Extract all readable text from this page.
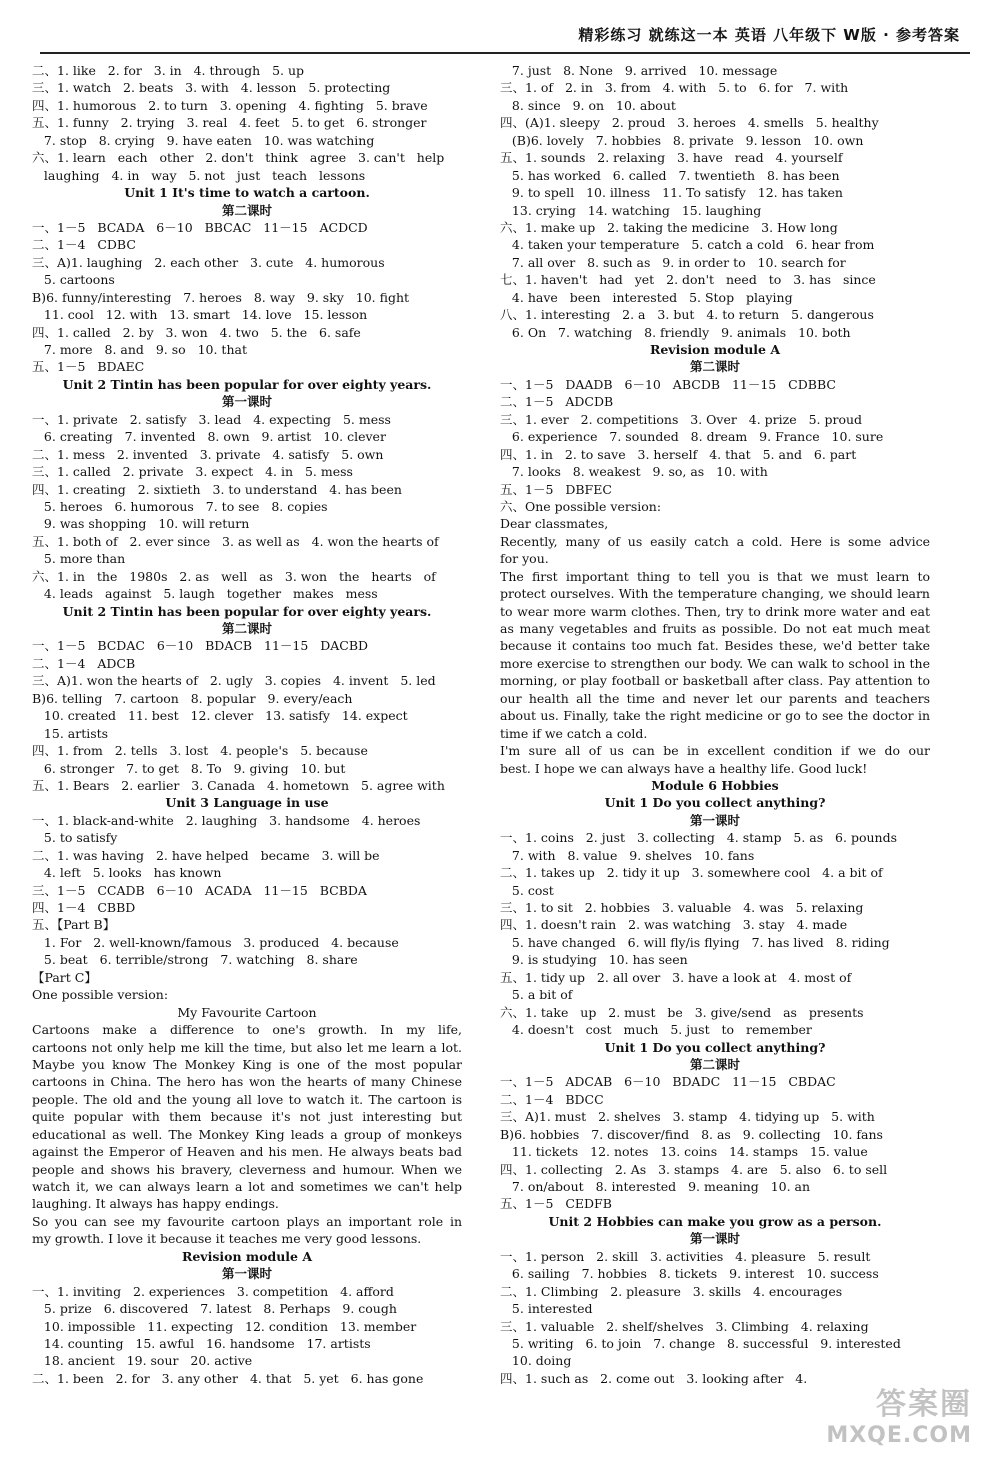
精彩练习 就练这一本 英语 八年级下 W版 · 参考答案
二、1. like   2. for   3. in   4. through   5. up
三、1. watch   2. beats   3. with   4. lesson   5. protecting
四、1. humorous   2. to turn   3. opening   4. fighting   5. brave
五、1. funny   2. trying   3. real   4. feet   5. to get   6. stronger
7. stop   8. crying   9. have eaten   10. was watching
六、1. learn   each   other   2. don't   think   agree   3. can't   help
laughing   4. in   way   5. not   just   teach   lessons
Unit 1 It's time to watch a cartoon.
第二课时
一、1－5   BCADA   6－10   BBCAC   11－15   ACDCD
二、1－4   CDBC
三、A)1. laughing   2. each other   3. cute   4. humorous
5. cartoons
B)6. funny/interesting   7. heroes   8. way   9. sky   10. fight
11. cool   12. with   13. smart   14. love   15. lesson
四、1. called   2. by   3. won   4. two   5. the   6. safe
7. more   8. and   9. so   10. that
五、1－5   BDAEC
Unit 2 Tintin has been popular for over eighty years.
第一课时
一、1. private   2. satisfy   3. lead   4. expecting   5. mess
6. creating   7. invented   8. own   9. artist   10. clever
二、1. mess   2. invented   3. private   4. satisfy   5. own
三、1. called   2. private   3. expect   4. in   5. mess
四、1. creating   2. sixtieth   3. to understand   4. has been
5. heroes   6. humorous   7. to see   8. copies
9. was shopping   10. will return
五、1. both of   2. ever since   3. as well as   4. won the hearts of
5. more than
六、1. in   the   1980s   2. as   well   as   3. won   the   hearts   of
4. leads   against   5. laugh   together   makes   mess
Unit 2 Tintin has been popular for over eighty years.
第二课时
一、1－5   BCDAC   6－10   BDACB   11－15   DACBD
二、1－4   ADCB
三、A)1. won the hearts of   2. ugly   3. copies   4. invent   5. led
B)6. telling   7. cartoon   8. popular   9. every/each
10. created   11. best   12. clever   13. satisfy   14. expect
15. artists
四、1. from   2. tells   3. lost   4. people's   5. because
6. stronger   7. to get   8. To   9. giving   10. but
五、1. Bears   2. earlier   3. Canada   4. hometown   5. agree with
Unit 3 Language in use
一、1. black-and-white   2. laughing   3. handsome   4. heroes
5. to satisfy
二、1. was having   2. have helped   became   3. will be
4. left   5. looks   has known
三、1－5   CCADB   6－10   ACADA   11－15   BCBDA
四、1－4   CBBD
五、【Part B】
1. For   2. well-known/famous   3. produced   4. because
5. beat   6. terrible/strong   7. watching   8. share
【Part C】
One possible version:
My Favourite Cartoon
Cartoons make a difference to one's growth. In my life,
cartoons not only help me kill the time, but also let me learn a lot.
Maybe you know The Monkey King is one of the most popular
cartoons in China. The hero has won the hearts of many Chinese
people. The old and the young all love to watch it. The cartoon is
quite popular with them because it's not just interesting but
educational as well. The Monkey King leads a group of monkeys
against the Emperor of Heaven and his men. He always beats bad
people and shows his bravery, cleverness and humour. When we
watch it, we can always learn a lot and sometimes we can't help
laughing. It always has happy endings.
So you can see my favourite cartoon plays an important role in
my growth. I love it because it teaches me very good lessons.
Revision module A
第一课时
一、1. inviting   2. experiences   3. competition   4. afford
5. prize   6. discovered   7. latest   8. Perhaps   9. cough
10. impossible   11. expecting   12. condition   13. member
14. counting   15. awful   16. handsome   17. artists
18. ancient   19. sour   20. active
二、1. been   2. for   3. any other   4. that   5. yet   6. has gone
7. just   8. None   9. arrived   10. message
三、1. of   2. in   3. from   4. with   5. to   6. for   7. with
8. since   9. on   10. about
四、(A)1. sleepy   2. proud   3. heroes   4. smells   5. healthy
(B)6. lovely   7. hobbies   8. private   9. lesson   10. own
五、1. sounds   2. relaxing   3. have   read   4. yourself
5. has worked   6. called   7. twentieth   8. has been
9. to spell   10. illness   11. To satisfy   12. has taken
13. crying   14. watching   15. laughing
六、1. make up   2. taking the medicine   3. How long
4. taken your temperature   5. catch a cold   6. hear from
7. all over   8. such as   9. in order to   10. search for
七、1. haven't   had   yet   2. don't   need   to   3. has   since
4. have   been   interested   5. Stop   playing
八、1. interesting   2. a   3. but   4. to return   5. dangerous
6. On   7. watching   8. friendly   9. animals   10. both
Revision module A
第二课时
一、1－5   DAADB   6－10   ABCDB   11－15   CDBBC
二、1－5   ADCDB
三、1. ever   2. competitions   3. Over   4. prize   5. proud
6. experience   7. sounded   8. dream   9. France   10. sure
四、1. in   2. to save   3. herself   4. that   5. and   6. part
7. looks   8. weakest   9. so, as   10. with
五、1－5   DBFEC
六、One possible version:
Dear classmates,
Recently, many of us easily catch a cold. Here is some advice
for you.
The first important thing to tell you is that we must learn to
protect ourselves. With the temperature changing, we should learn
to wear more warm clothes. Then, try to drink more water and eat
as many vegetables and fruits as possible. Do not eat much meat
because it contains too much fat. Besides these, we'd better take
more exercise to strengthen our body. We can walk to school in the
morning, or play football or basketball after class. Pay attention to
our health all the time and never let our parents and teachers
about us. Finally, take the right medicine or go to see the doctor in
time if we catch a cold.
I'm sure all of us can be in excellent condition if we do our
best. I hope we can always have a healthy life. Good luck!
Module 6 Hobbies
Unit 1 Do you collect anything?
第一课时
一、1. coins   2. just   3. collecting   4. stamp   5. as   6. pounds
7. with   8. value   9. shelves   10. fans
二、1. takes up   2. tidy it up   3. somewhere cool   4. a bit of
5. cost
三、1. to sit   2. hobbies   3. valuable   4. was   5. relaxing
四、1. doesn't rain   2. was watching   3. stay   4. made
5. have changed   6. will fly/is flying   7. has lived   8. riding
9. is studying   10. has seen
五、1. tidy up   2. all over   3. have a look at   4. most of
5. a bit of
六、1. take   up   2. must   be   3. give/send   as   presents
4. doesn't   cost   much   5. just   to   remember
Unit 1 Do you collect anything?
第二课时
一、1－5   ADCAB   6－10   BDADC   11－15   CBDAC
二、1－4   BDCC
三、A)1. must   2. shelves   3. stamp   4. tidying up   5. with
B)6. hobbies   7. discover/find   8. as   9. collecting   10. fans
11. tickets   12. notes   13. coins   14. stamps   15. value
四、1. collecting   2. As   3. stamps   4. are   5. also   6. to sell
7. on/about   8. interested   9. meaning   10. an
五、1－5   CEDFB
Unit 2 Hobbies can make you grow as a person.
第一课时
一、1. person   2. skill   3. activities   4. pleasure   5. result
6. sailing   7. hobbies   8. tickets   9. interest   10. success
二、1. Climbing   2. pleasure   3. skills   4. encourages
5. interested
三、1. valuable   2. shelf/shelves   3. Climbing   4. relaxing
5. writing   6. to join   7. change   8. successful   9. interested
10. doing
四、1. such as   2. come out   3. looking after   4.
答案圈
MXQE.COM
